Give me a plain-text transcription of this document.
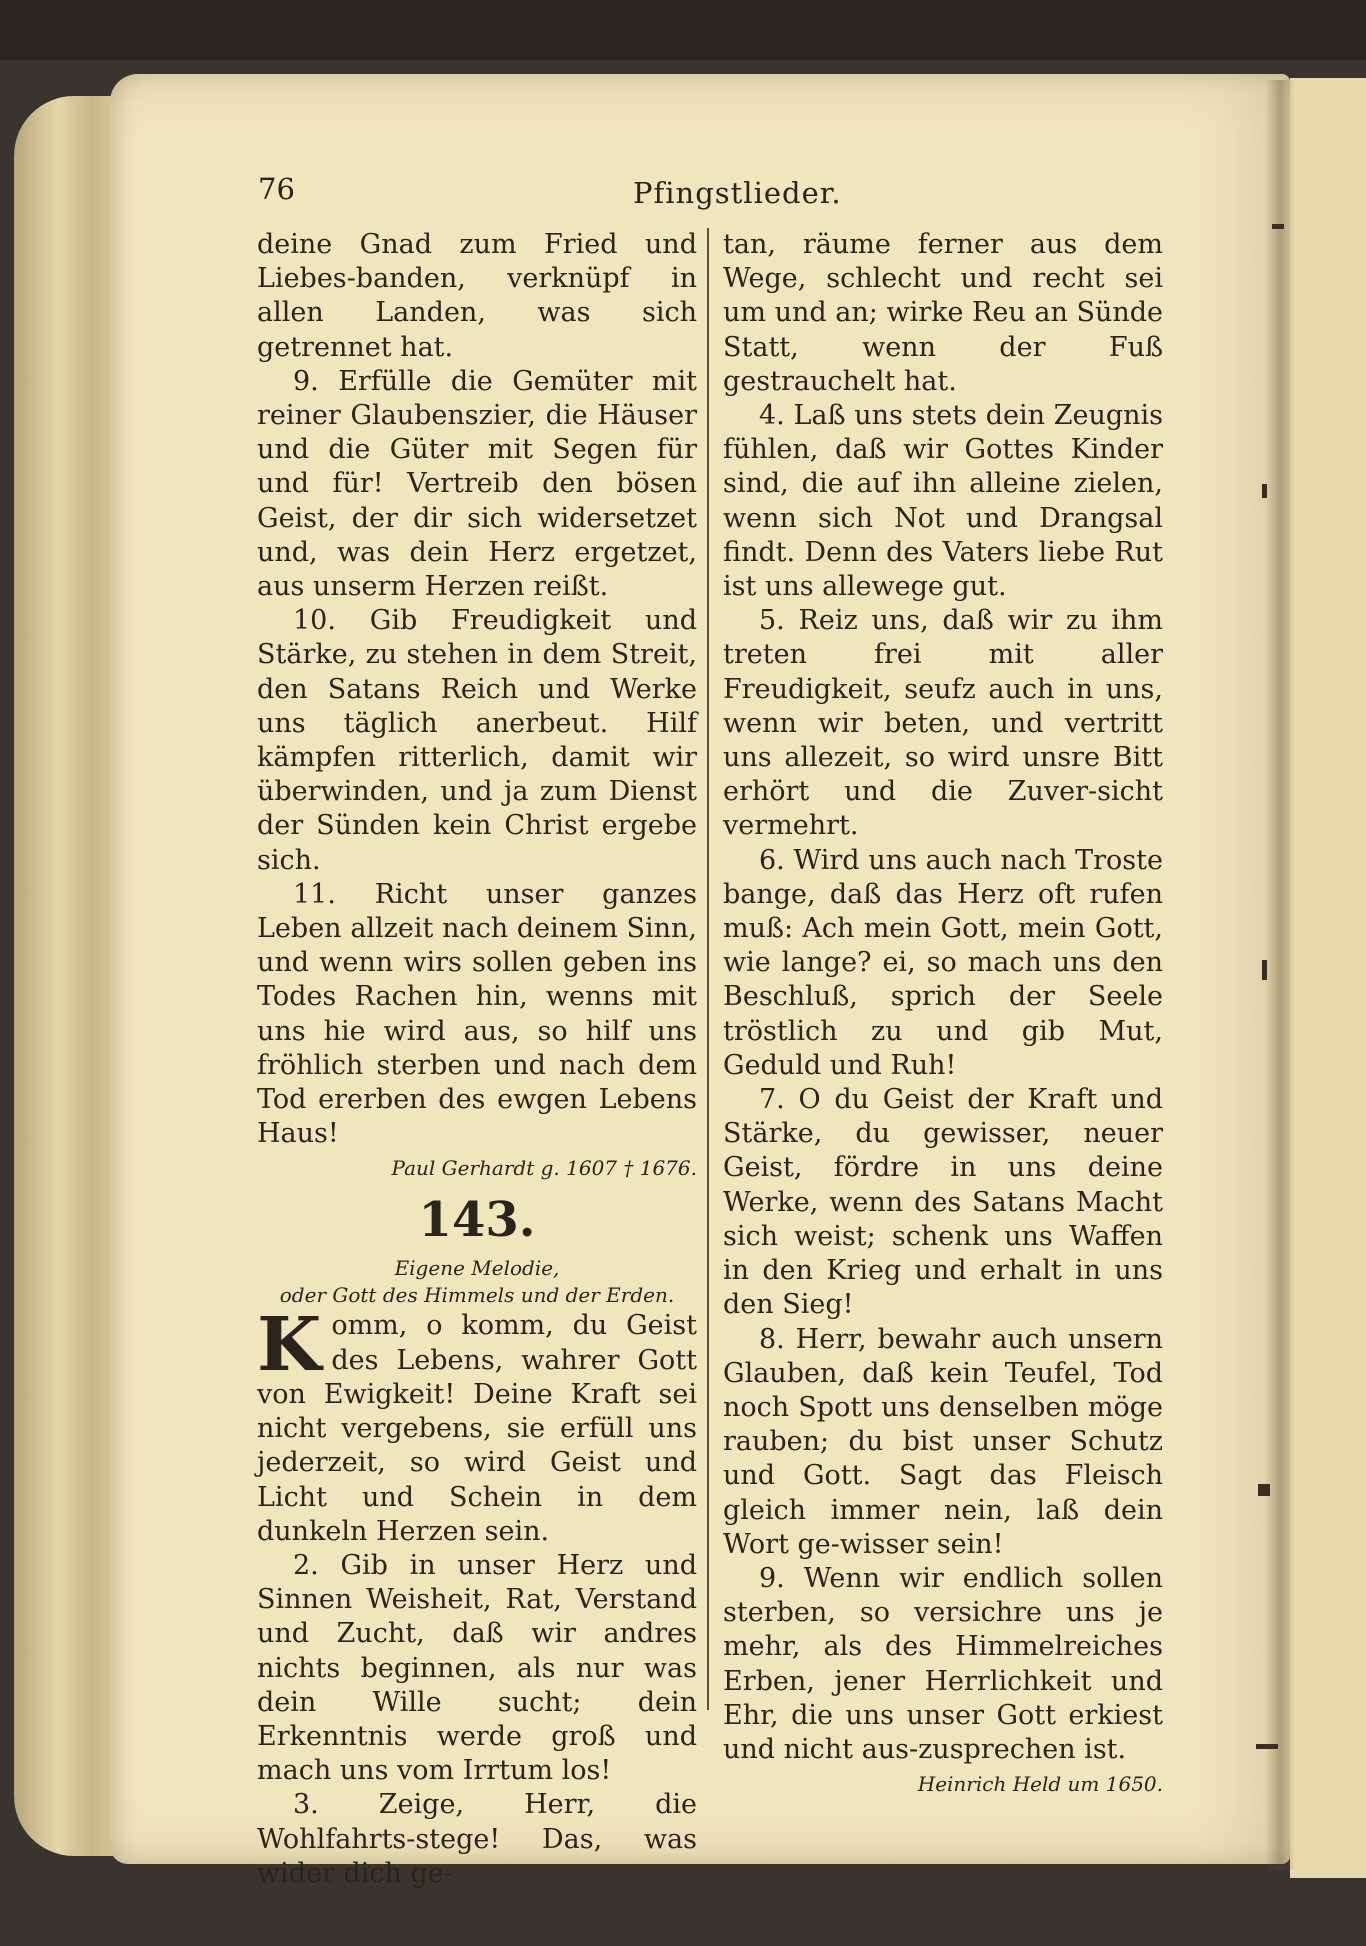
76	Pfingstlieder.

deine Gnad zum Fried und Liebes-banden, verknüpf in allen Landen, was sich getrennet hat.

9. Erfülle die Gemüter mit reiner Glaubenszier, die Häuser und die Güter mit Segen für und für! Vertreib den bösen Geist, der dir sich widersetzet und, was dein Herz ergetzet, aus unserm Herzen reißt.

10. Gib Freudigkeit und Stärke, zu stehen in dem Streit, den Satans Reich und Werke uns täglich anerbeut. Hilf kämpfen ritterlich, damit wir überwinden, und ja zum Dienst der Sünden kein Christ ergebe sich.

11. Richt unser ganzes Leben allzeit nach deinem Sinn, und wenn wirs sollen geben ins Todes Rachen hin, wenns mit uns hie wird aus, so hilf uns fröhlich sterben und nach dem Tod ererben des ewgen Lebens Haus!

Paul Gerhardt g. 1607 † 1676.

143.

Eigene Melodie,

oder Gott des Himmels und der Erden.

Komm, o komm, du Geist des Lebens, wahrer Gott von Ewigkeit! Deine Kraft sei nicht vergebens, sie erfüll uns jederzeit, so wird Geist und Licht und Schein in dem dunkeln Herzen sein.

2. Gib in unser Herz und Sinnen Weisheit, Rat, Verstand und Zucht, daß wir andres nichts beginnen, als nur was dein Wille sucht; dein Erkenntnis werde groß und mach uns vom Irrtum los!

3. Zeige, Herr, die Wohlfahrts-stege! Das, was wider dich ge-

tan, räume ferner aus dem Wege, schlecht und recht sei um und an; wirke Reu an Sünde Statt, wenn der Fuß gestrauchelt hat.

4. Laß uns stets dein Zeugnis fühlen, daß wir Gottes Kinder sind, die auf ihn alleine zielen, wenn sich Not und Drangsal findt. Denn des Vaters liebe Rut ist uns allewege gut.

5. Reiz uns, daß wir zu ihm treten frei mit aller Freudigkeit, seufz auch in uns, wenn wir beten, und vertritt uns allezeit, so wird unsre Bitt erhört und die Zuver-sicht vermehrt.

6. Wird uns auch nach Troste bange, daß das Herz oft rufen muß: Ach mein Gott, mein Gott, wie lange? ei, so mach uns den Beschluß, sprich der Seele tröstlich zu und gib Mut, Geduld und Ruh!

7. O du Geist der Kraft und Stärke, du gewisser, neuer Geist, fördre in uns deine Werke, wenn des Satans Macht sich weist; schenk uns Waffen in den Krieg und erhalt in uns den Sieg!

8. Herr, bewahr auch unsern Glauben, daß kein Teufel, Tod noch Spott uns denselben möge rauben; du bist unser Schutz und Gott. Sagt das Fleisch gleich immer nein, laß dein Wort ge-wisser sein!

9. Wenn wir endlich sollen sterben, so versichre uns je mehr, als des Himmelreiches Erben, jener Herrlichkeit und Ehr, die uns unser Gott erkiest und nicht aus-zusprechen ist.

Heinrich Held um 1650.
